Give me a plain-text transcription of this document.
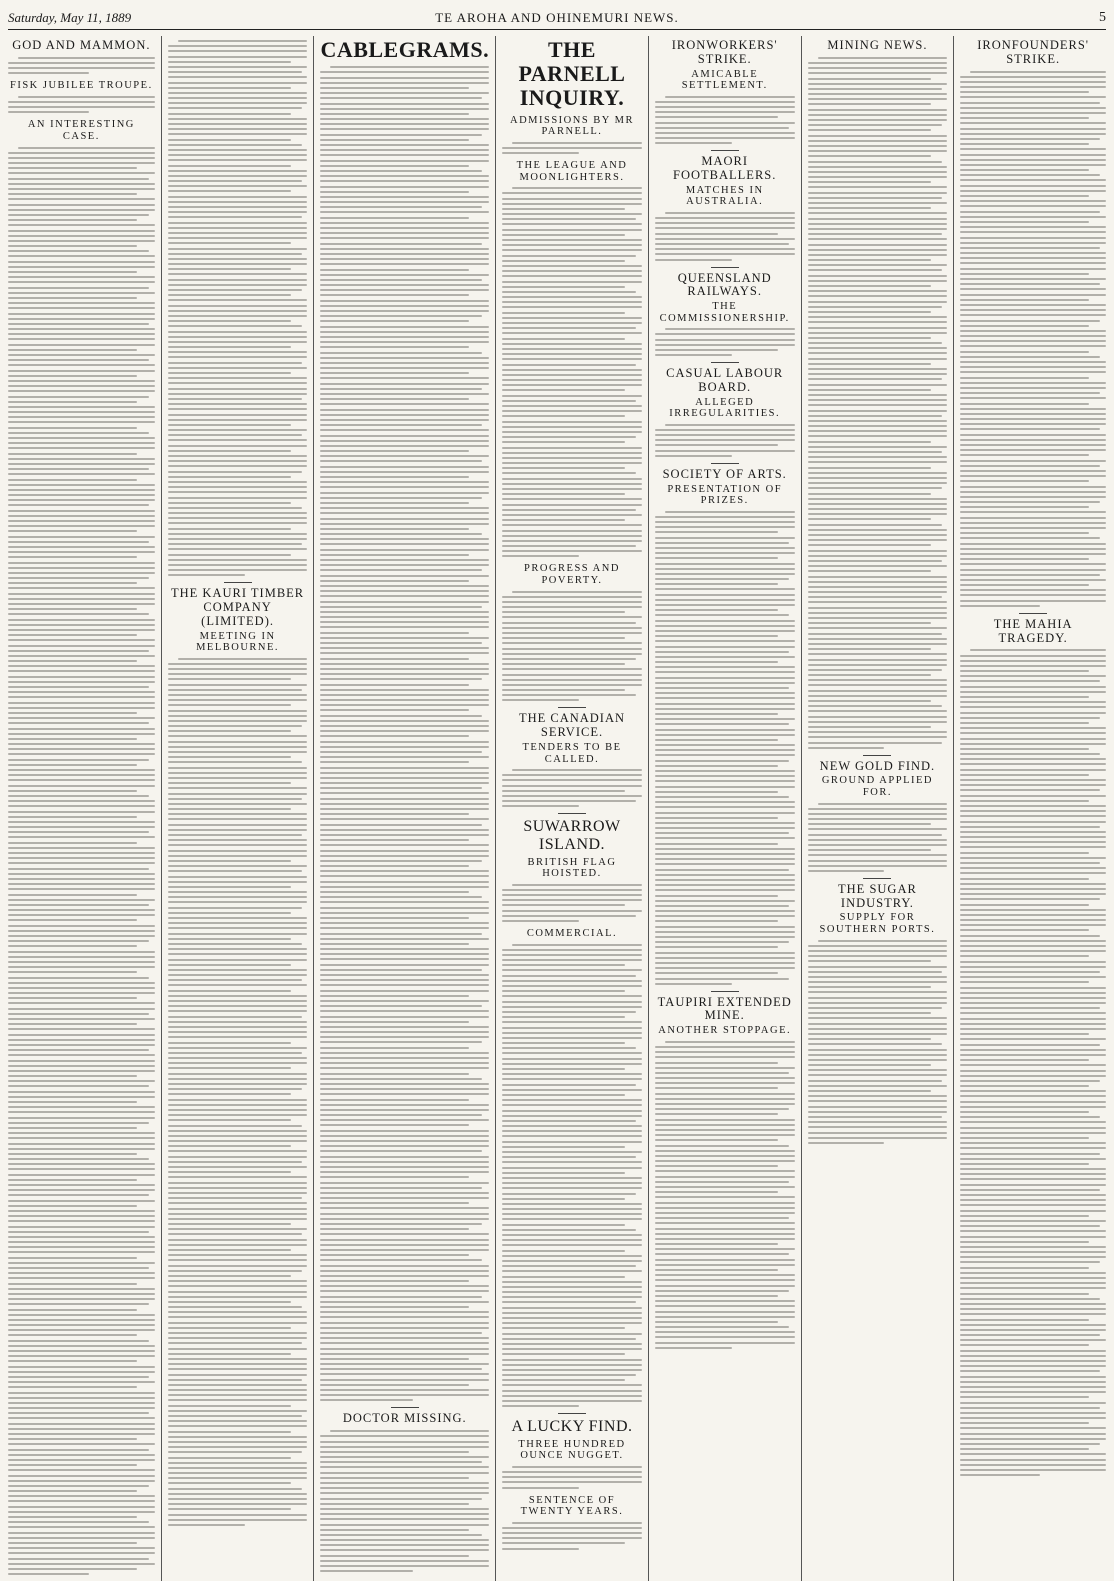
Saturday, May 11, 1889	TE AROHA AND OHINEMURI NEWS.	5
GOD AND MAMMON.
FISK JUBILEE TROUPE.
AN INTERESTING CASE.
THE KAURI TIMBER COMPANY (LIMITED).
MEETING IN MELBOURNE.
CABLEGRAMS.
DOCTOR MISSING.
THE PARNELL INQUIRY.
ADMISSIONS BY MR PARNELL.
THE LEAGUE AND MOONLIGHTERS.
PROGRESS AND POVERTY.
THE CANADIAN SERVICE.
TENDERS TO BE CALLED.
SUWARROW ISLAND.
BRITISH FLAG HOISTED.
COMMERCIAL.
A LUCKY FIND.
THREE HUNDRED OUNCE NUGGET.
SENTENCE OF TWENTY YEARS.
IRONWORKERS' STRIKE.
AMICABLE SETTLEMENT.
MAORI FOOTBALLERS.
MATCHES IN AUSTRALIA.
QUEENSLAND RAILWAYS.
THE COMMISSIONERSHIP.
CASUAL LABOUR BOARD.
ALLEGED IRREGULARITIES.
SOCIETY OF ARTS.
PRESENTATION OF PRIZES.
TAUPIRI EXTENDED MINE.
ANOTHER STOPPAGE.
MINING NEWS.
NEW GOLD FIND.
GROUND APPLIED FOR.
THE SUGAR INDUSTRY.
SUPPLY FOR SOUTHERN PORTS.
IRONFOUNDERS' STRIKE.
THE MAHIA TRAGEDY.
